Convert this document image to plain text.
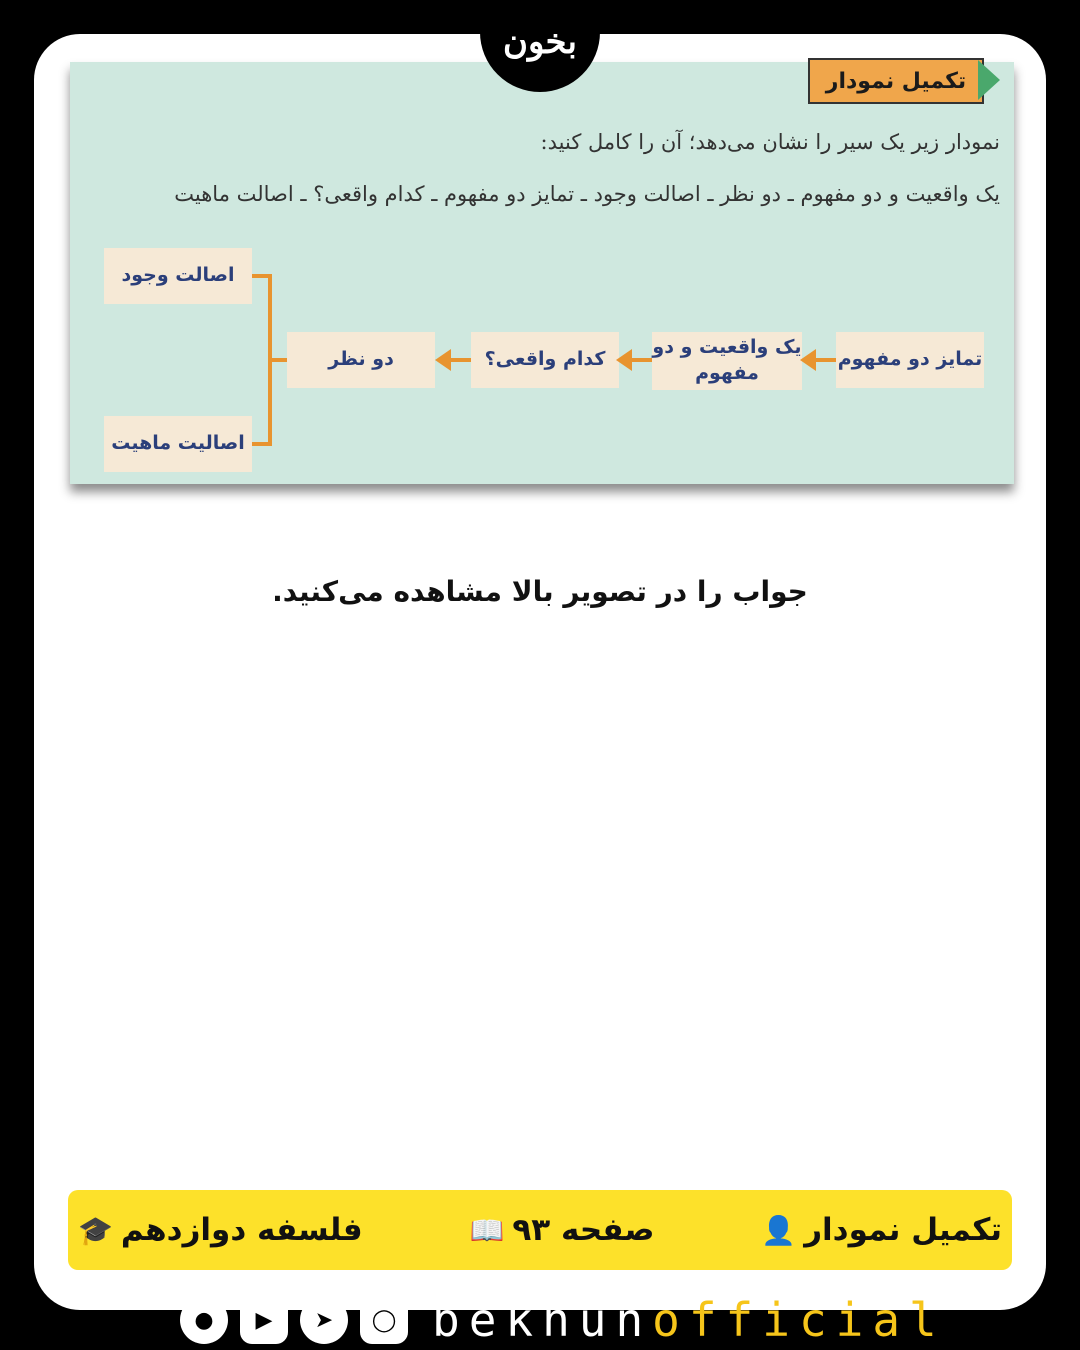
بخون
تکمیل نمودار
نمودار زیر یک سیر را نشان می‌دهد؛ آن را کامل کنید:
یک واقعیت و دو مفهوم ـ دو نظر ـ اصالت وجود ـ تمایز دو مفهوم ـ کدام واقعی؟ ـ اصالت ماهیت
تمایز دو مفهوم
یک واقعیت و دو مفهوم
کدام واقعی؟
دو نظر
اصالت وجود
اصالیت ماهیت
جواب را در تصویر بالا مشاهده می‌کنید.
👤 تکمیل نمودار
📖 صفحه ۹۳
🎓 فلسفه دوازدهم
●	▶	➤	◯ bekhunofficial
